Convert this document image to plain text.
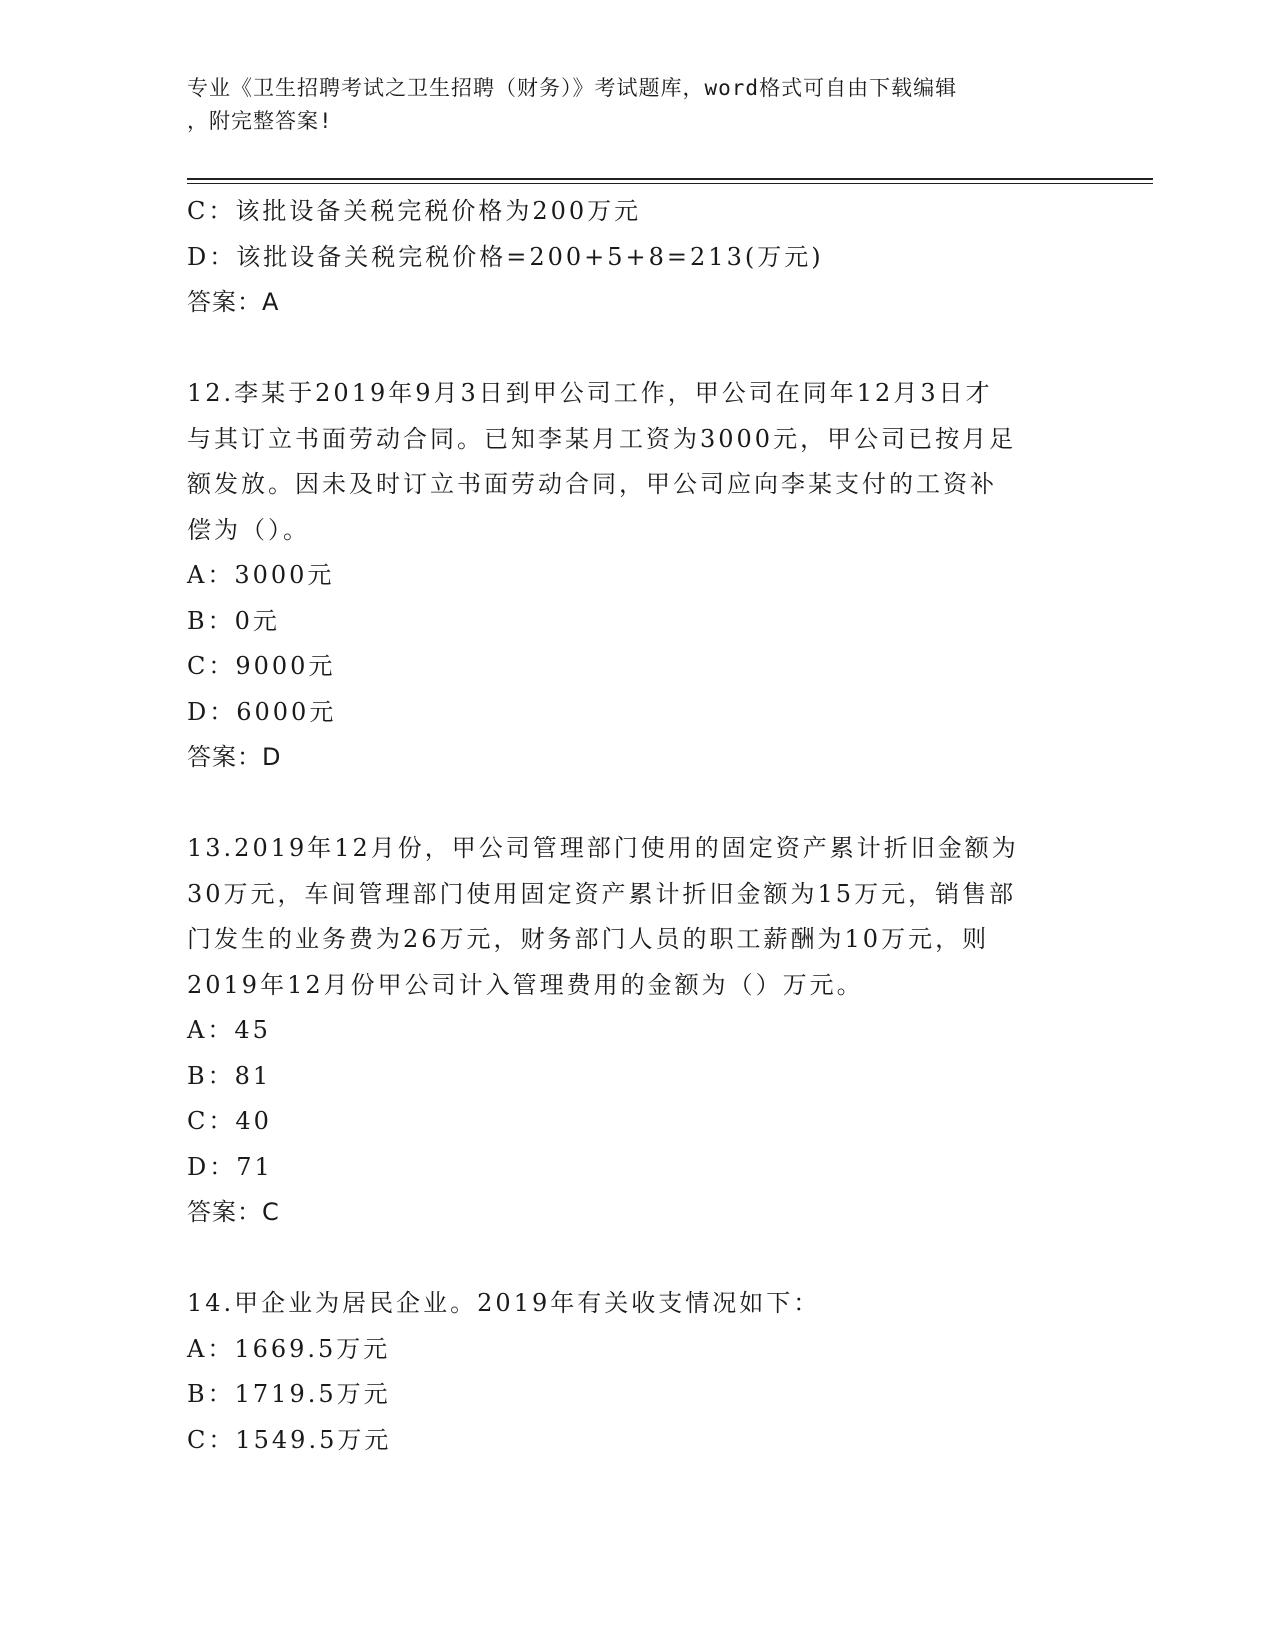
专业《卫生招聘考试之卫生招聘（财务）》考试题库，word格式可自由下载编辑
，附完整答案!
C：该批设备关税完税价格为200万元
D：该批设备关税完税价格=200+5+8=213(万元)
答案：A
12.李某于2019年9月3日到甲公司工作，甲公司在同年12月3日才
与其订立书面劳动合同。已知李某月工资为3000元，甲公司已按月足
额发放。因未及时订立书面劳动合同，甲公司应向李某支付的工资补
偿为（）。
A：3000元
B：0元
C：9000元
D：6000元
答案：D
13.2019年12月份，甲公司管理部门使用的固定资产累计折旧金额为
30万元，车间管理部门使用固定资产累计折旧金额为15万元，销售部
门发生的业务费为26万元，财务部门人员的职工薪酬为10万元，则
2019年12月份甲公司计入管理费用的金额为（）万元。
A：45
B：81
C：40
D：71
答案：C
14.甲企业为居民企业。2019年有关收支情况如下：
A：1669.5万元
B：1719.5万元
C：1549.5万元
